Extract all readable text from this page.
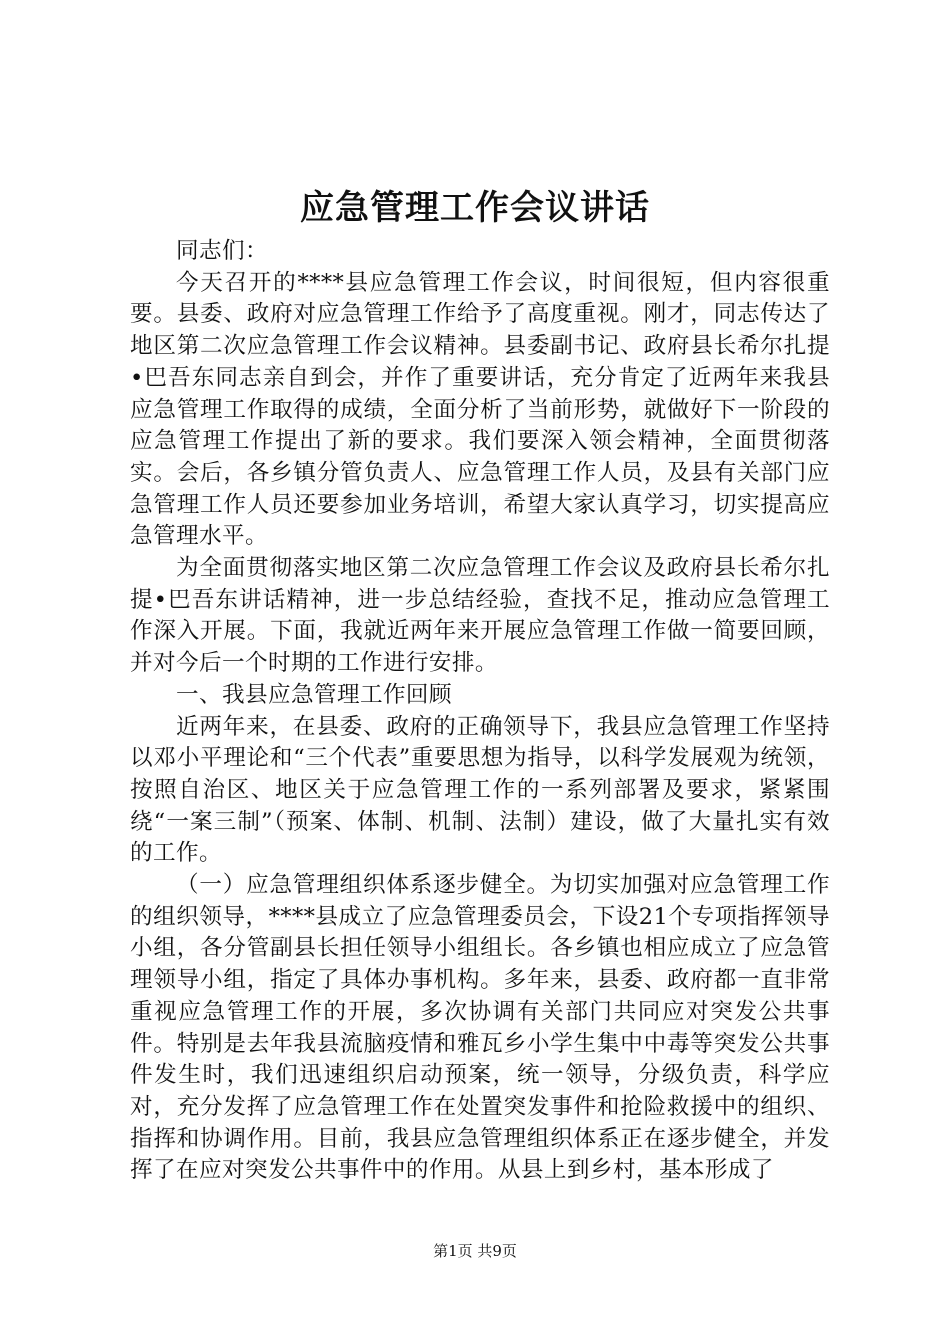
应急管理工作会议讲话

同志们：

今天召开的****县应急管理工作会议，时间很短，但内容很重要。县委、政府对应急管理工作给予了高度重视。刚才，同志传达了地区第二次应急管理工作会议精神。县委副书记、政府县长希尔扎提•巴吾东同志亲自到会，并作了重要讲话，充分肯定了近两年来我县应急管理工作取得的成绩，全面分析了当前形势，就做好下一阶段的应急管理工作提出了新的要求。我们要深入领会精神，全面贯彻落实。会后，各乡镇分管负责人、应急管理工作人员，及县有关部门应急管理工作人员还要参加业务培训，希望大家认真学习，切实提高应急管理水平。

为全面贯彻落实地区第二次应急管理工作会议及政府县长希尔扎提•巴吾东讲话精神，进一步总结经验，查找不足，推动应急管理工作深入开展。下面，我就近两年来开展应急管理工作做一简要回顾，并对今后一个时期的工作进行安排。

一、我县应急管理工作回顾

近两年来，在县委、政府的正确领导下，我县应急管理工作坚持以邓小平理论和“三个代表”重要思想为指导，以科学发展观为统领，按照自治区、地区关于应急管理工作的一系列部署及要求，紧紧围绕“一案三制”（预案、体制、机制、法制）建设，做了大量扎实有效的工作。

（一）应急管理组织体系逐步健全。为切实加强对应急管理工作的组织领导，****县成立了应急管理委员会，下设21个专项指挥领导小组，各分管副县长担任领导小组组长。各乡镇也相应成立了应急管理领导小组，指定了具体办事机构。多年来，县委、政府都一直非常重视应急管理工作的开展，多次协调有关部门共同应对突发公共事件。特别是去年我县流脑疫情和雅瓦乡小学生集中中毒等突发公共事件发生时，我们迅速组织启动预案，统一领导，分级负责，科学应对，充分发挥了应急管理工作在处置突发事件和抢险救援中的组织、指挥和协调作用。目前，我县应急管理组织体系正在逐步健全，并发挥了在应对突发公共事件中的作用。从县上到乡村，基本形成了

第1页 共9页
